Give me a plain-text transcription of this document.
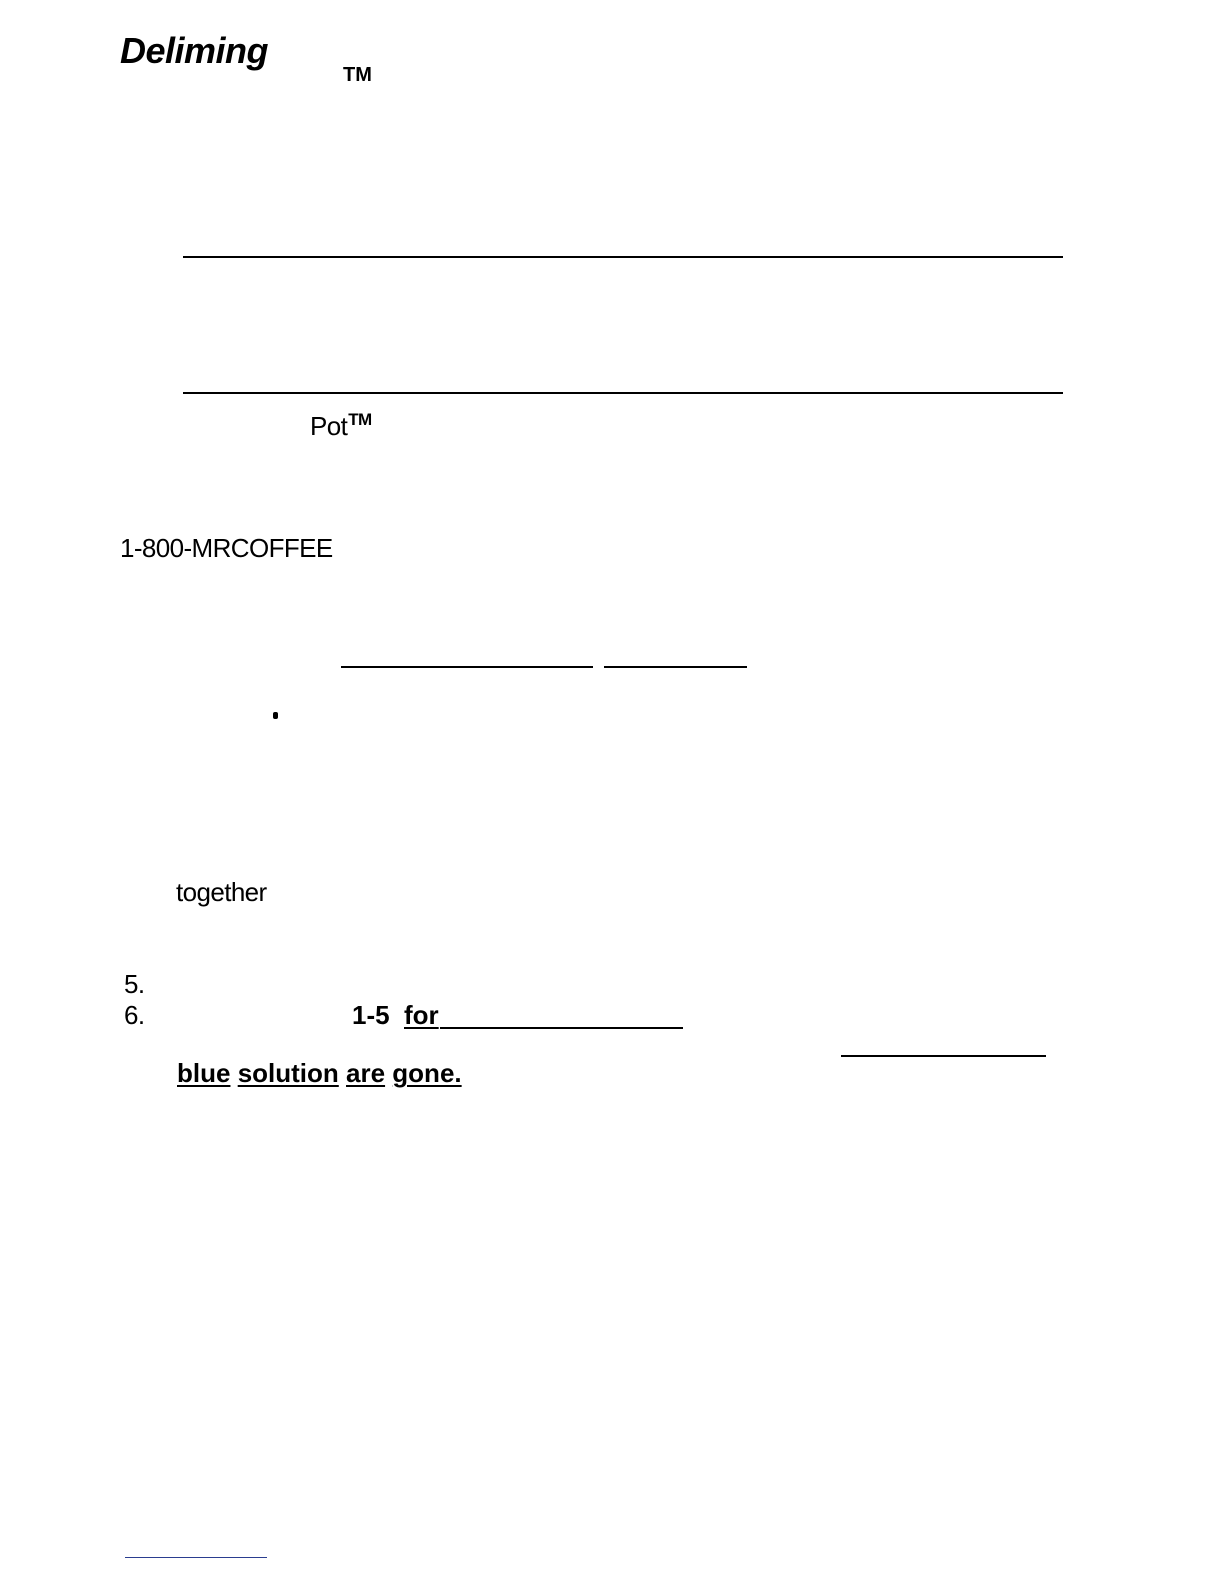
Deliming
TM
Pot™
1-800-MRCOFFEE
together
5.
6.	1-5 for
blue solution are gone.
